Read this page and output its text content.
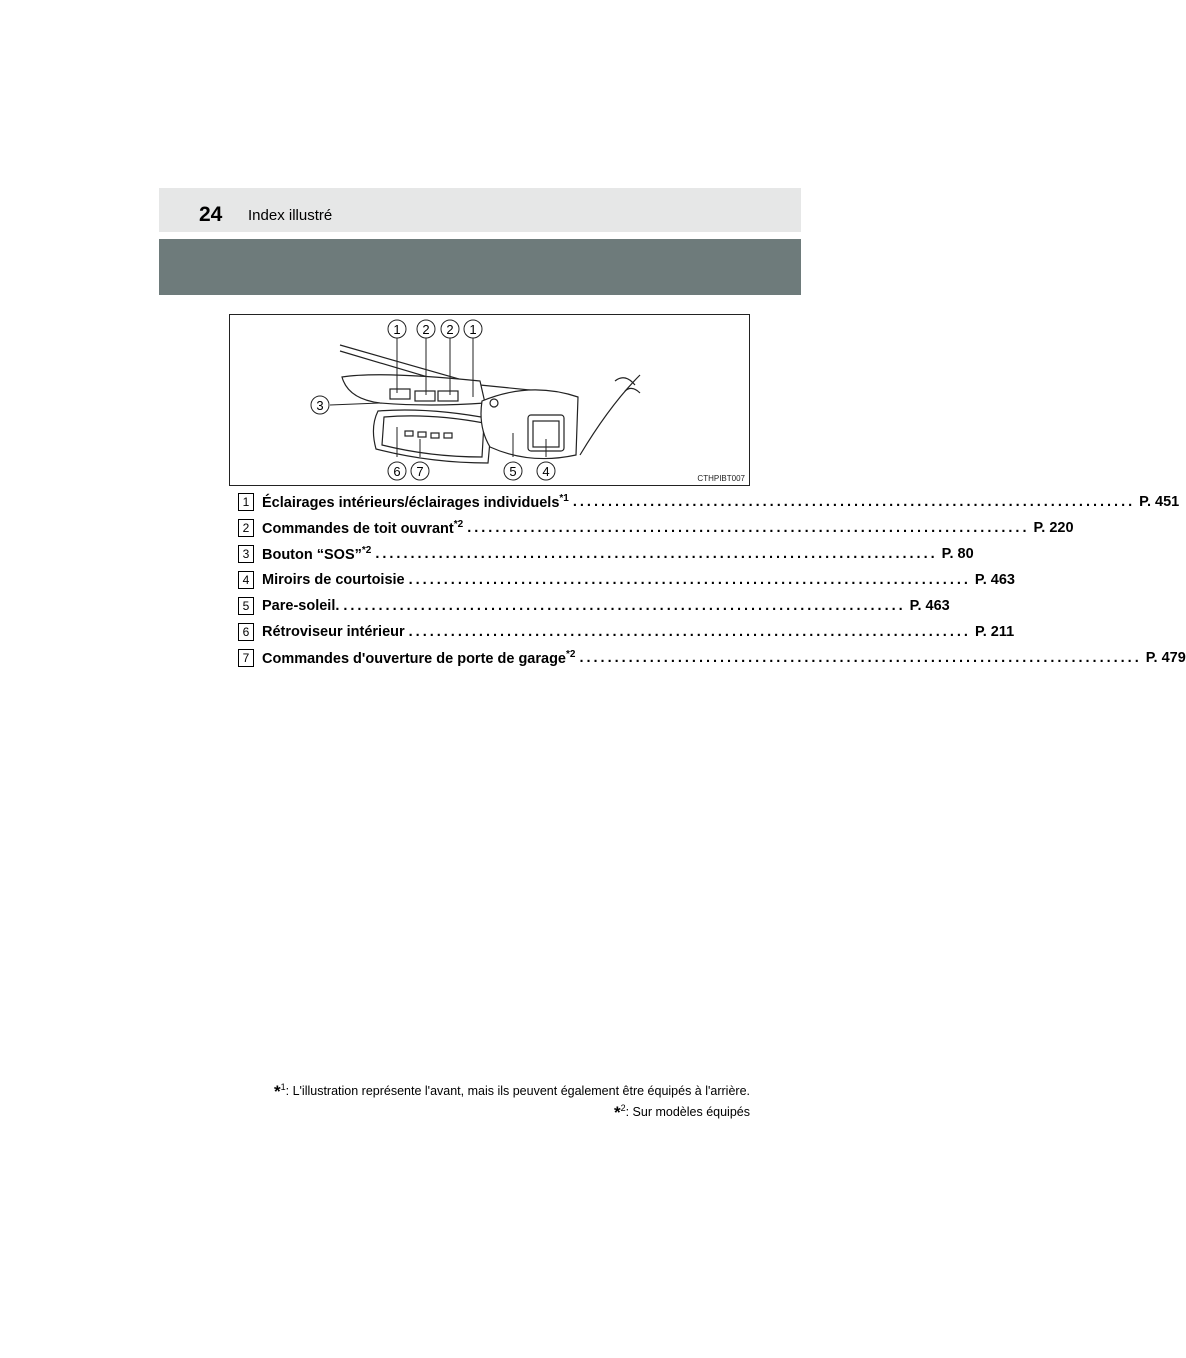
24 Index illustré
1 2 2 1
3
6 7	5 4	CTHPIBT007
1 Éclairages intérieurs/éclairages individuels$^{*1}$ ................................................................................ P. 451
2 Commandes de toit ouvrant$^{*2}$ ................................................................................ P. 220
3 Bouton “SOS”$^{*2}$ ................................................................................ P. 80
4 Miroirs de courtoisie ................................................................................ P. 463
5 Pare-soleil. ................................................................................ P. 463
6 Rétroviseur intérieur ................................................................................ P. 211
7 Commandes d'ouverture de porte de garage$^{*2}$ ................................................................................ P. 479
*$^1$: L'illustration représente l'avant, mais ils peuvent également être équipés à l'arrière.
*$^2$: Sur modèles équipés
